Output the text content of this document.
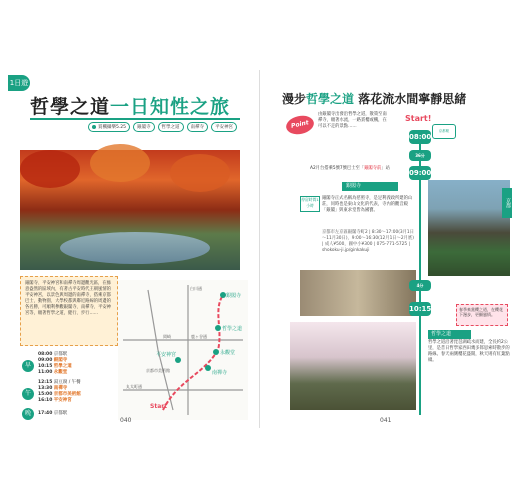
1日遊
哲學之道一日知性之旅
賞楓攝樂5.25	銀閣寺	哲學之道	南禪寺	平安神宮
銀閣寺、平安神宮和南禪寺周邊觀光區，在綠意盎然的區域內，有著古平安時代王朝風情的平安神宮，以景色與周邊的南禪寺，搭乘京都巴士，動物園、大學校都與鄰近路線的周邊的各名勝，可順利參觀銀閣寺、南禪寺、平安神宮等，順著哲學之道，健行、步行……
早
08:00 京都駅
09:00 銀閣寺
10:15 哲學之道
11:00 永觀堂
午
12:15 湯豆腐 / 午餐
13:30 南禪寺
15:00 京都市美術館
16:10 平安神宮
晚	17:40 京都駅
銀閣寺
哲學之道
永觀堂
南禪寺
平安神宮
京都市美術館
白川通
岡崎	鹿ヶ谷通
丸太町通
Start
040
漫步哲學之道 落花流水間寧靜思緒
Point
由銀閣寺出發沿哲學之道，散策至南禪寺，順著水流，一路賞櫻或楓，在可以不走的景點……
Start!
08:00
京都駅
36分
09:00
A2月台搭乘5號7號巴士至「銀閣寺前」站
銀閣寺
停留時間1小時
銀閣寺正式名稱為慈照寺，是足利義政所建的山莊，同時也是東山文化的代表，寺內的觀音殿「銀閣」與東求堂皆為國寶。
京都市左京區銀閣寺町2 | 8:30～17:00(3月1日～11月30日)，9:00～16:30(12月1日～2月底) | 成人¥500，國中小¥300 | 075-771-5725 | shokoku-ji.jp/ginkakuji
4分
10:15	春季來賞櫻之道，在櫻花下漫步，更顯風情。
哲學之道
哲學之道沿著琵琶湖疏水而建，全長約2公里，是昔日哲學家西田幾多郎思索時散步的路線。春天兩側櫻花盛開，秋天則有紅葉點綴。
京都
041
